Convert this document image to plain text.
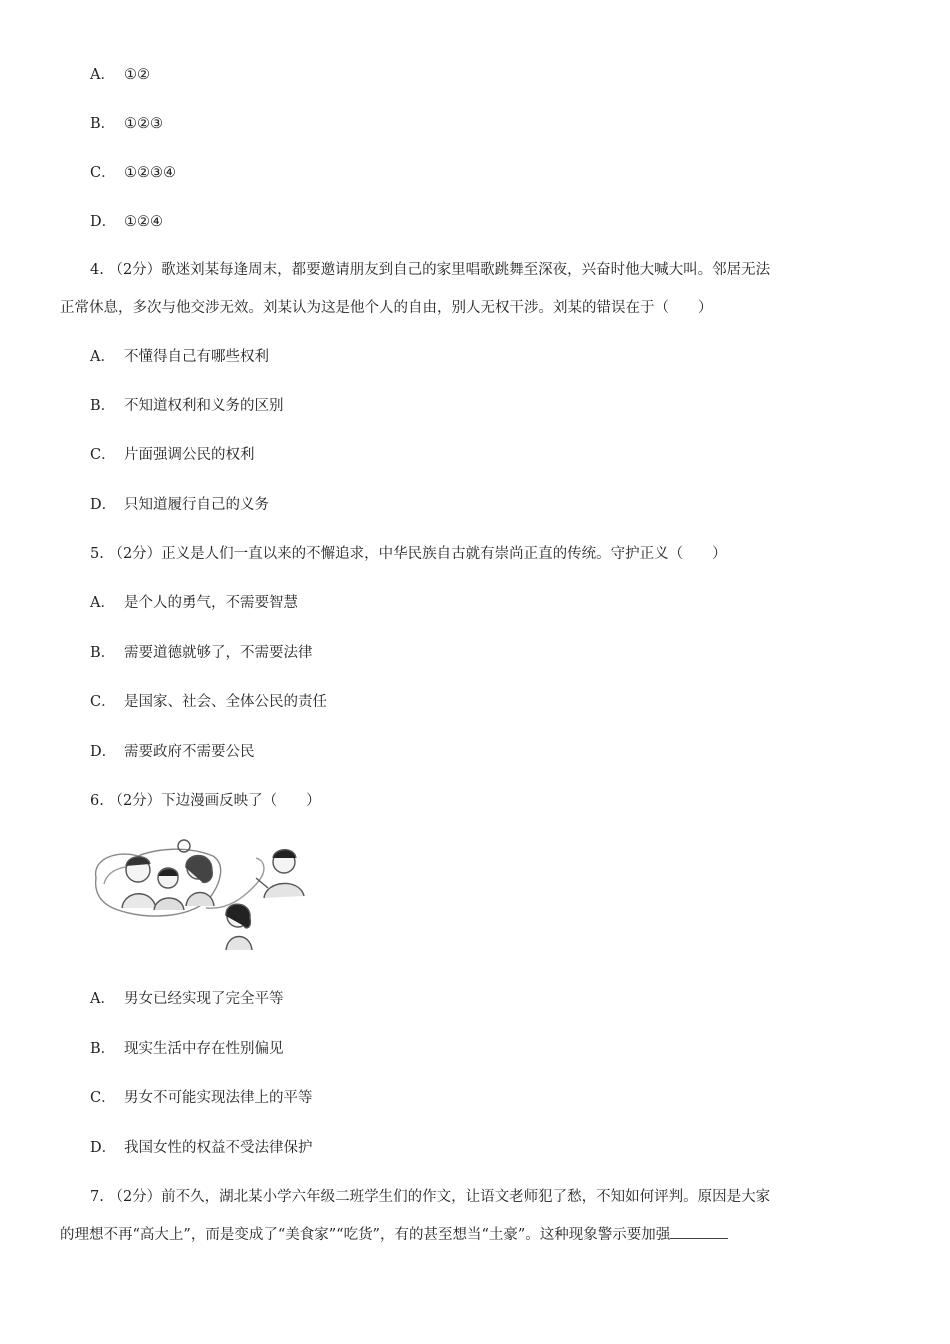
A． ①②
B． ①②③
C． ①②③④
D． ①②④
4. （2分）歌迷刘某每逢周末，都要邀请朋友到自己的家里唱歌跳舞至深夜，兴奋时他大喊大叫。邻居无法
正常休息，多次与他交涉无效。刘某认为这是他个人的自由，别人无权干涉。刘某的错误在于（　　）
A． 不懂得自己有哪些权利
B． 不知道权利和义务的区别
C． 片面强调公民的权利
D． 只知道履行自己的义务
5. （2分）正义是人们一直以来的不懈追求，中华民族自古就有崇尚正直的传统。守护正义（　　）
A． 是个人的勇气，不需要智慧
B． 需要道德就够了，不需要法律
C． 是国家、社会、全体公民的责任
D． 需要政府不需要公民
6. （2分）下边漫画反映了（　　）
A． 男女已经实现了完全平等
B． 现实生活中存在性别偏见
C． 男女不可能实现法律上的平等
D． 我国女性的权益不受法律保护
7. （2分）前不久，湖北某小学六年级二班学生们的作文，让语文老师犯了愁，不知如何评判。原因是大家
的理想不再“高大上”，而是变成了“美食家”“吃货”，有的甚至想当“土豪”。这种现象警示要加强
